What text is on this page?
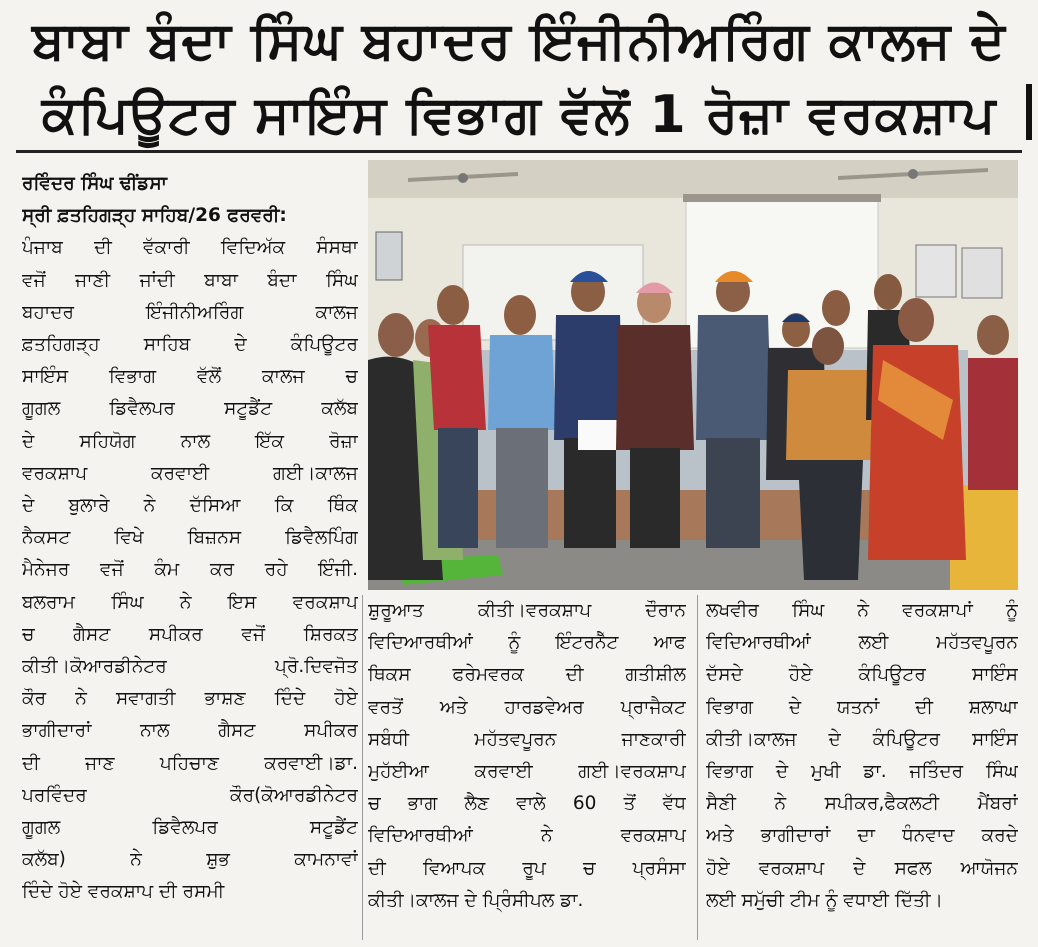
ਬਾਬਾ ਬੰਦਾ ਸਿੰਘ ਬਹਾਦਰ ਇੰਜੀਨੀਅਰਿੰਗ ਕਾਲਜ ਦੇ
ਕੰਪਿਊਟਰ ਸਾਇੰਸ ਵਿਭਾਗ ਵੱਲੋਂ 1 ਰੋਜ਼ਾ ਵਰਕਸ਼ਾਪ
ਰਵਿੰਦਰ ਸਿੰਘ ਢੀਂਡਸਾ
ਸ੍ਰੀ ਫ਼ਤਹਿਗੜ੍ਹ ਸਾਹਿਬ/26 ਫਰਵਰੀ:
ਪੰਜਾਬ ਦੀ ਵੱਕਾਰੀ ਵਿਦਿਅੱਕ ਸੰਸਥਾ
ਵਜੋਂ ਜਾਣੀ ਜਾਂਦੀ ਬਾਬਾ ਬੰਦਾ ਸਿੰਘ
ਬਹਾਦਰ ਇੰਜੀਨੀਅਰਿੰਗ ਕਾਲਜ
ਫ਼ਤਹਿਗੜ੍ਹ ਸਾਹਿਬ ਦੇ ਕੰਪਿਊਟਰ
ਸਾਇੰਸ ਵਿਭਾਗ ਵੱਲੋਂ ਕਾਲਜ ਚ
ਗੂਗਲ ਡਿਵੈਲਪਰ ਸਟੂਡੈਂਟ ਕਲੱਬ
ਦੇ ਸਹਿਯੋਗ ਨਾਲ ਇੱਕ ਰੋਜ਼ਾ
ਵਰਕਸ਼ਾਪ ਕਰਵਾਈ ਗਈ।ਕਾਲਜ
ਦੇ ਬੁਲਾਰੇ ਨੇ ਦੱਸਿਆ ਕਿ ਥਿੰਕ
ਨੈਕਸਟ ਵਿਖੇ ਬਿਜ਼ਨਸ ਡਿਵੈਲਪਿੰਗ
ਮੈਨੇਜਰ ਵਜੋਂ ਕੰਮ ਕਰ ਰਹੇ ਇੰਜੀ.
ਬਲਰਾਮ ਸਿੰਘ ਨੇ ਇਸ ਵਰਕਸ਼ਾਪ
ਚ ਗੈਸਟ ਸਪੀਕਰ ਵਜੋਂ ਸ਼ਿਰਕਤ
ਕੀਤੀ।ਕੋਆਰਡੀਨੇਟਰ ਪ੍ਰੋ.ਦਿਵਜੋਤ
ਕੌਰ ਨੇ ਸਵਾਗਤੀ ਭਾਸ਼ਣ ਦਿੰਦੇ ਹੋਏ
ਭਾਗੀਦਾਰਾਂ ਨਾਲ ਗੈਸਟ ਸਪੀਕਰ
ਦੀ ਜਾਣ ਪਹਿਚਾਣ ਕਰਵਾਈ।ਡਾ.
ਪਰਵਿੰਦਰ ਕੌਰ(ਕੋਆਰਡੀਨੇਟਰ
ਗੂਗਲ ਡਿਵੈਲਪਰ ਸਟੂਡੈਂਟ
ਕਲੱਬ) ਨੇ ਸ਼ੁਭ ਕਾਮਨਾਵਾਂ
ਦਿੰਦੇ ਹੋਏ ਵਰਕਸ਼ਾਪ ਦੀ ਰਸਮੀ
ਸ਼ੁਰੂਆਤ ਕੀਤੀ।ਵਰਕਸ਼ਾਪ ਦੌਰਾਨ
ਵਿਦਿਆਰਥੀਆਂ ਨੂੰ ਇੰਟਰਨੈੱਟ ਆਫ
ਥਿਕਸ ਫਰੇਮਵਰਕ ਦੀ ਗਤੀਸ਼ੀਲ
ਵਰਤੋਂ ਅਤੇ ਹਾਰਡਵੇਅਰ ਪ੍ਰਾਜੈਕਟ
ਸਬੰਧੀ ਮਹੱਤਵਪੂਰਨ ਜਾਣਕਾਰੀ
ਮੁਹੱਈਆ ਕਰਵਾਈ ਗਈ।ਵਰਕਸ਼ਾਪ
ਚ ਭਾਗ ਲੈਣ ਵਾਲੇ 60 ਤੋਂ ਵੱਧ
ਵਿਦਿਆਰਥੀਆਂ ਨੇ ਵਰਕਸ਼ਾਪ
ਦੀ ਵਿਆਪਕ ਰੂਪ ਚ ਪ੍ਰਸੰਸਾ
ਕੀਤੀ।ਕਾਲਜ ਦੇ ਪ੍ਰਿੰਸੀਪਲ ਡਾ.
ਲਖਵੀਰ ਸਿੰਘ ਨੇ ਵਰਕਸ਼ਾਪਾਂ ਨੂੰ
ਵਿਦਿਆਰਥੀਆਂ ਲਈ ਮਹੱਤਵਪੂਰਨ
ਦੱਸਦੇ ਹੋਏ ਕੰਪਿਊਟਰ ਸਾਇੰਸ
ਵਿਭਾਗ ਦੇ ਯਤਨਾਂ ਦੀ ਸ਼ਲਾਘਾ
ਕੀਤੀ।ਕਾਲਜ ਦੇ ਕੰਪਿਊਟਰ ਸਾਇੰਸ
ਵਿਭਾਗ ਦੇ ਮੁਖੀ ਡਾ. ਜਤਿੰਦਰ ਸਿੰਘ
ਸੈਣੀ ਨੇ ਸਪੀਕਰ,ਫੈਕਲਟੀ ਮੈਂਬਰਾਂ
ਅਤੇ ਭਾਗੀਦਾਰਾਂ ਦਾ ਧੰਨਵਾਦ ਕਰਦੇ
ਹੋਏ ਵਰਕਸ਼ਾਪ ਦੇ ਸਫਲ ਆਯੋਜਨ
ਲਈ ਸਮੁੱਚੀ ਟੀਮ ਨੂੰ ਵਧਾਈ ਦਿੱਤੀ।
